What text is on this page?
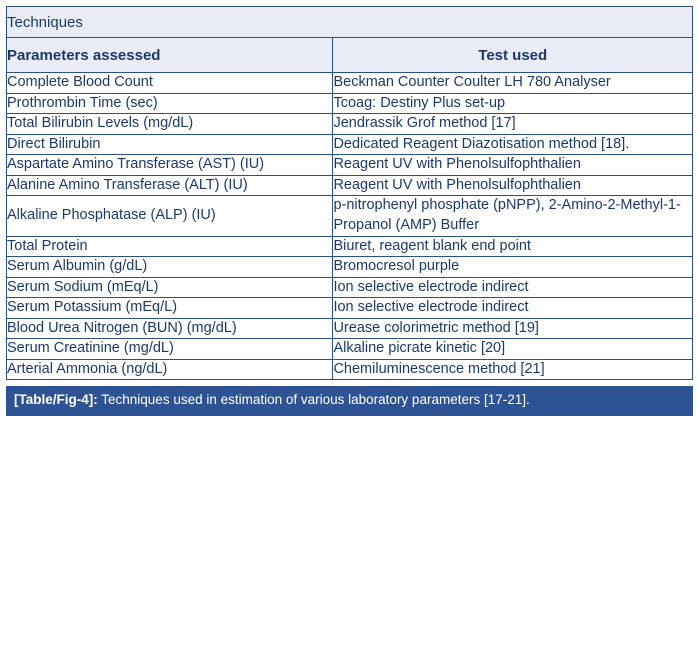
Techniques	
Parameters assessed	Test used
Complete Blood Count	Beckman Counter Coulter LH 780 Analyser
Prothrombin Time (sec)	Tcoag: Destiny Plus set-up
Total Bilirubin Levels (mg/dL)	Jendrassik Grof method [17]
Direct Bilirubin	Dedicated Reagent Diazotisation method [18].
Aspartate Amino Transferase (AST) (IU)	Reagent UV with Phenolsulfophthalien
Alanine Amino Transferase (ALT) (IU)	Reagent UV with Phenolsulfophthalien
Alkaline Phosphatase (ALP) (IU)	p-nitrophenyl phosphate (pNPP), 2-Amino-2-Methyl-1-Propanol (AMP) Buffer
Total Protein	Biuret, reagent blank end point
Serum Albumin (g/dL)	Bromocresol purple
Serum Sodium (mEq/L)	Ion selective electrode indirect
Serum Potassium (mEq/L)	Ion selective electrode indirect
Blood Urea Nitrogen (BUN) (mg/dL)	Urease colorimetric method [19]
Serum Creatinine (mg/dL)	Alkaline picrate kinetic [20]
Arterial Ammonia (ng/dL)	Chemiluminescence method [21]
[Table/Fig-4]: Techniques used in estimation of various laboratory parameters [17-21].
